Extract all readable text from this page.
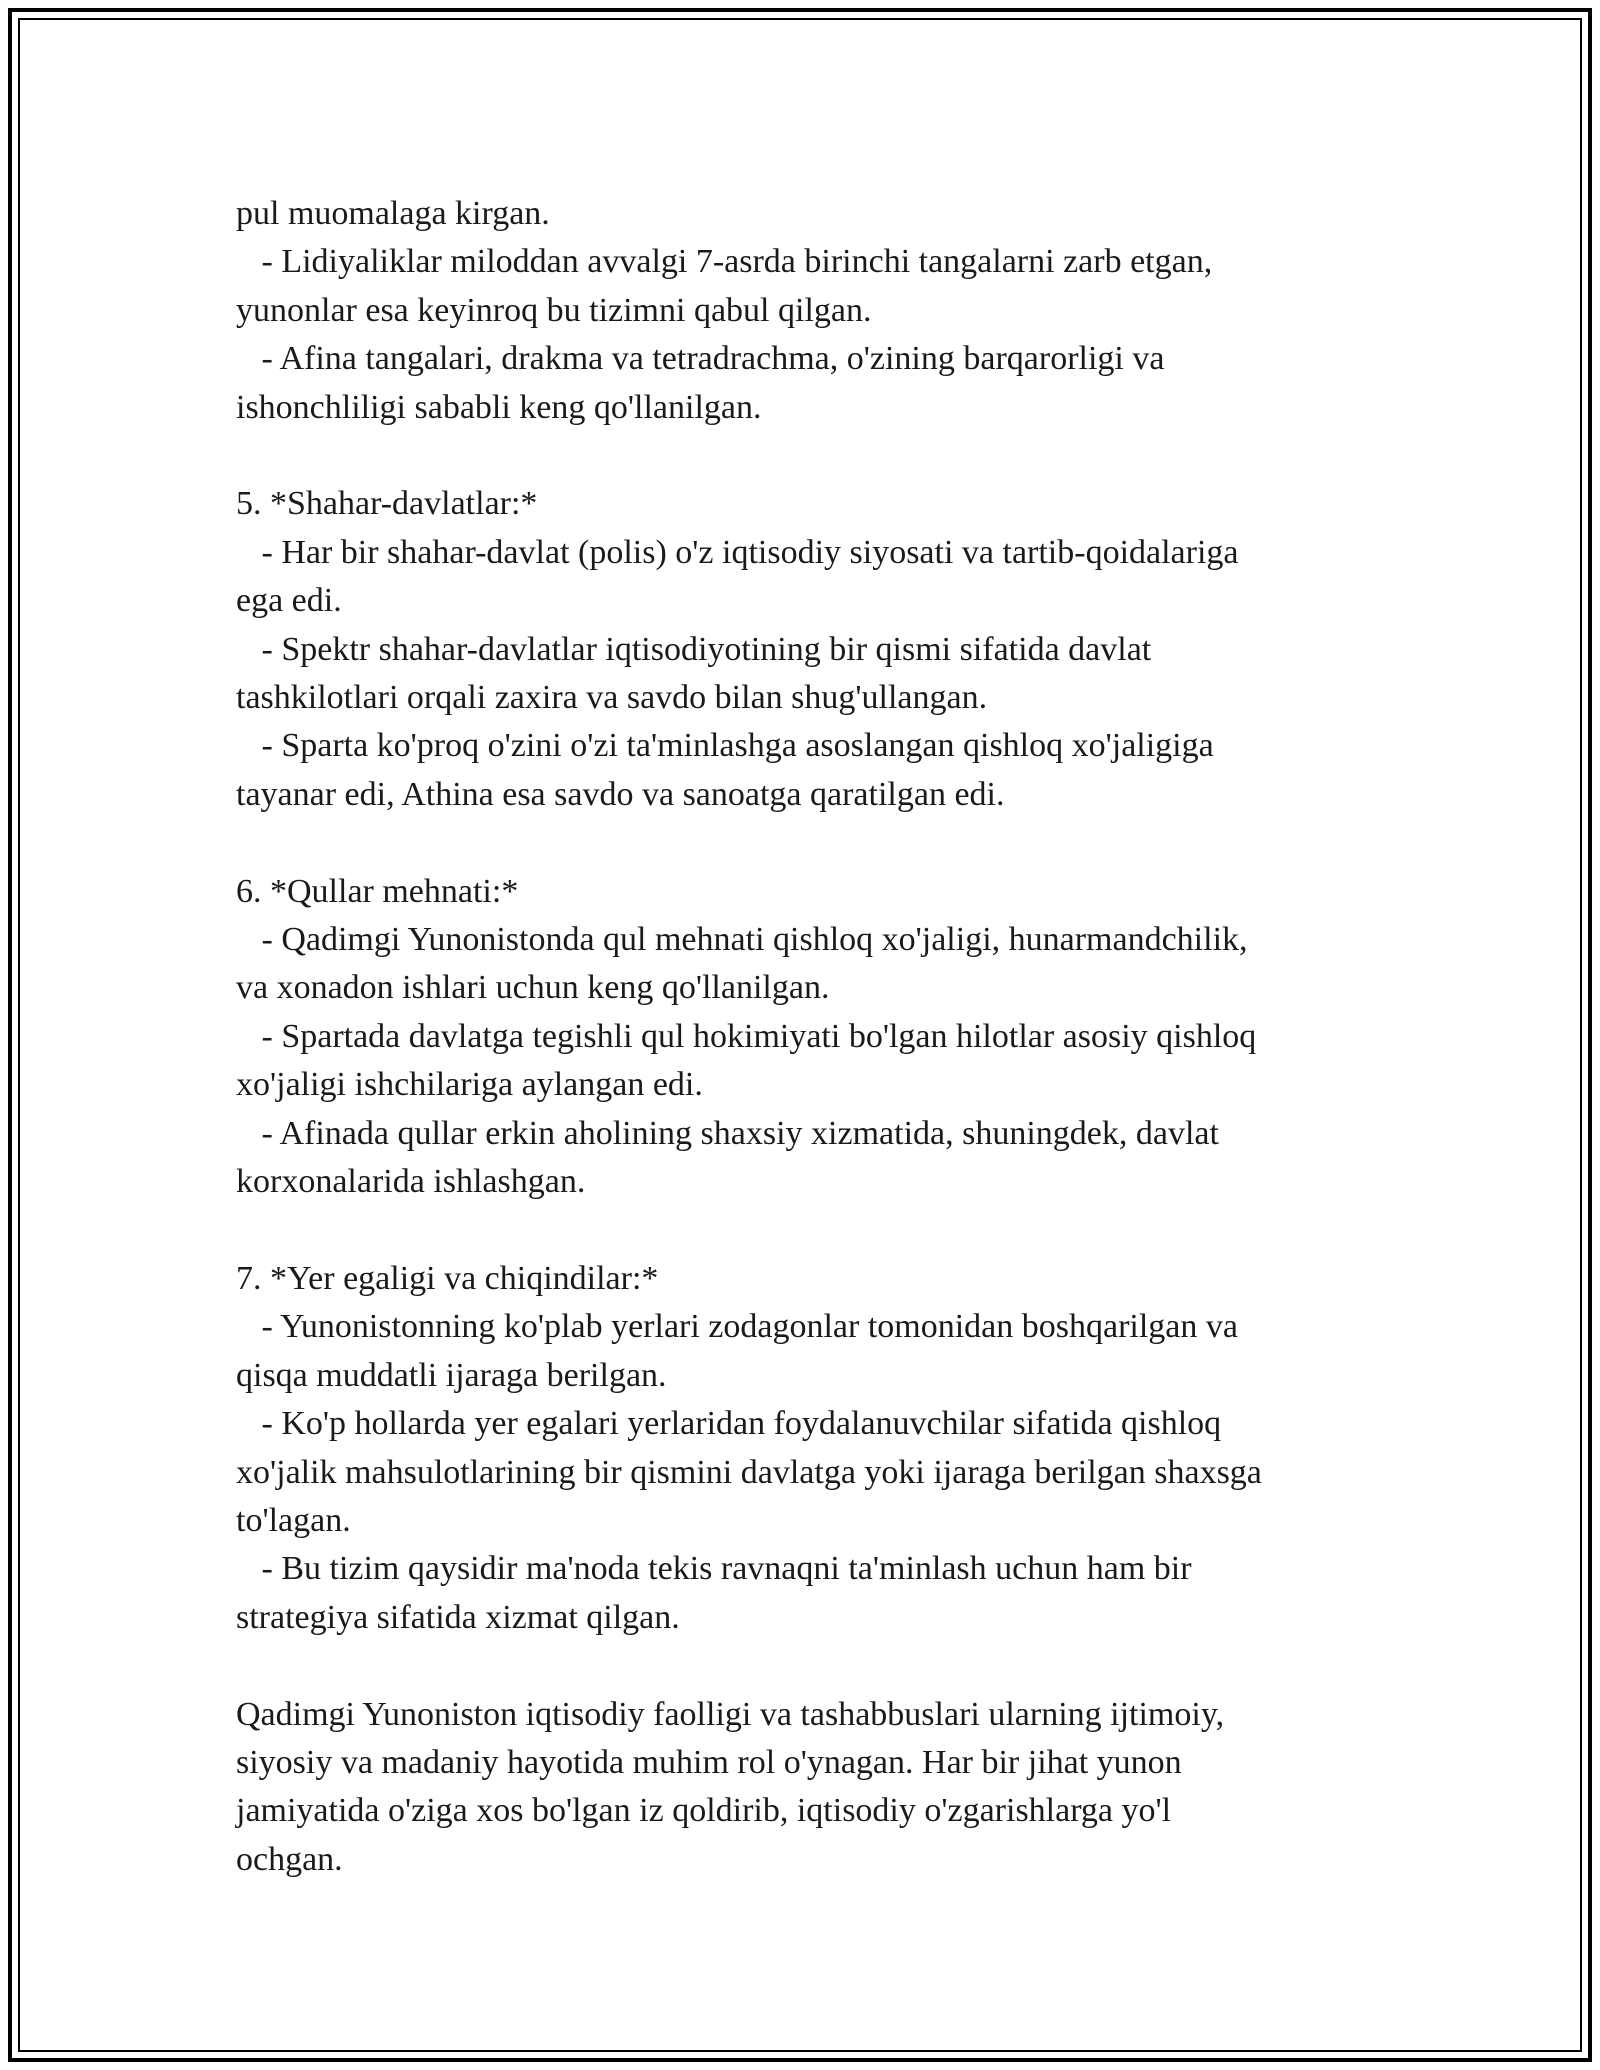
pul muomalaga kirgan.
- Lidiyaliklar miloddan avvalgi 7-asrda birinchi tangalarni zarb etgan,
yunonlar esa keyinroq bu tizimni qabul qilgan.
- Afina tangalari, drakma va tetradrachma, o'zining barqarorligi va
ishonchliligi sababli keng qo'llanilgan.
5. *Shahar-davlatlar:*
- Har bir shahar-davlat (polis) o'z iqtisodiy siyosati va tartib-qoidalariga
ega edi.
- Spektr shahar-davlatlar iqtisodiyotining bir qismi sifatida davlat
tashkilotlari orqali zaxira va savdo bilan shug'ullangan.
- Sparta ko'proq o'zini o'zi ta'minlashga asoslangan qishloq xo'jaligiga
tayanar edi, Athina esa savdo va sanoatga qaratilgan edi.
6. *Qullar mehnati:*
- Qadimgi Yunonistonda qul mehnati qishloq xo'jaligi, hunarmandchilik,
va xonadon ishlari uchun keng qo'llanilgan.
- Spartada davlatga tegishli qul hokimiyati bo'lgan hilotlar asosiy qishloq
xo'jaligi ishchilariga aylangan edi.
- Afinada qullar erkin aholining shaxsiy xizmatida, shuningdek, davlat
korxonalarida ishlashgan.
7. *Yer egaligi va chiqindilar:*
- Yunonistonning ko'plab yerlari zodagonlar tomonidan boshqarilgan va
qisqa muddatli ijaraga berilgan.
- Ko'p hollarda yer egalari yerlaridan foydalanuvchilar sifatida qishloq
xo'jalik mahsulotlarining bir qismini davlatga yoki ijaraga berilgan shaxsga
to'lagan.
- Bu tizim qaysidir ma'noda tekis ravnaqni ta'minlash uchun ham bir
strategiya sifatida xizmat qilgan.
Qadimgi Yunoniston iqtisodiy faolligi va tashabbuslari ularning ijtimoiy,
siyosiy va madaniy hayotida muhim rol o'ynagan. Har bir jihat yunon
jamiyatida o'ziga xos bo'lgan iz qoldirib, iqtisodiy o'zgarishlarga yo'l
ochgan.
